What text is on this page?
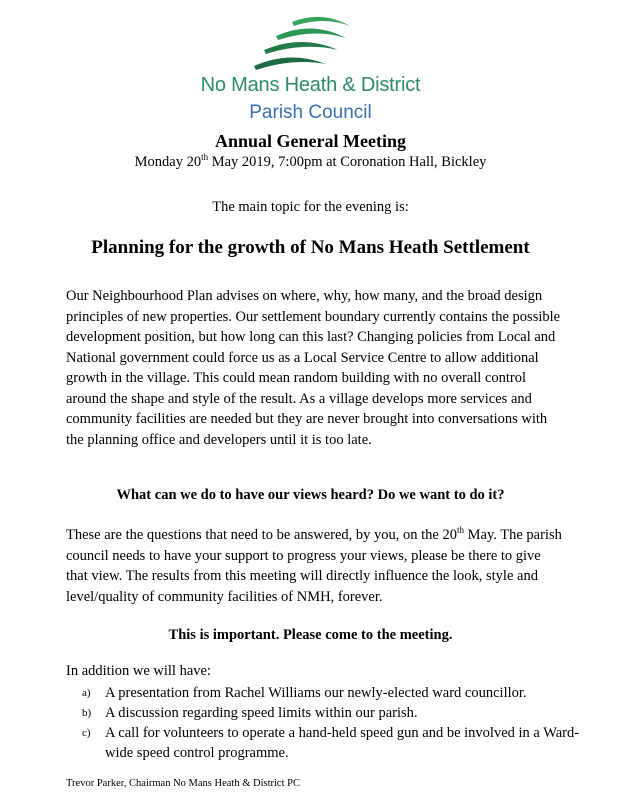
No Mans Heath & District
Parish Council
Annual General Meeting
Monday 20th May 2019, 7:00pm at Coronation Hall, Bickley
The main topic for the evening is:
Planning for the growth of No Mans Heath Settlement
Our Neighbourhood Plan advises on where, why, how many, and the broad design principles of new properties. Our settlement boundary currently contains the possible development position, but how long can this last? Changing policies from Local and National government could force us as a Local Service Centre to allow additional growth in the village. This could mean random building with no overall control around the shape and style of the result. As a village develops more services and community facilities are needed but they are never brought into conversations with the planning office and developers until it is too late.
What can we do to have our views heard? Do we want to do it?
These are the questions that need to be answered, by you, on the 20th May. The parish council needs to have your support to progress your views, please be there to give that view. The results from this meeting will directly influence the look, style and level/quality of community facilities of NMH, forever.
This is important. Please come to the meeting.
In addition we will have:
a) A presentation from Rachel Williams our newly-elected ward councillor.
b) A discussion regarding speed limits within our parish.
c) A call for volunteers to operate a hand-held speed gun and be involved in a Ward-wide speed control programme.
Trevor Parker, Chairman No Mans Heath & District PC
